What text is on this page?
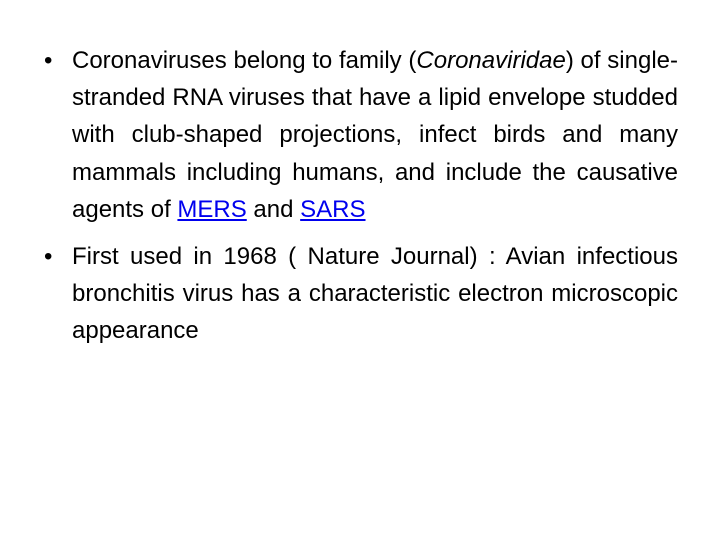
• Coronaviruses belong to family (Coronaviridae) of single-stranded RNA viruses that have a lipid envelope studded with club-shaped projections, infect birds and many mammals including humans, and include the causative agents of MERS and SARS
• First used in 1968 ( Nature Journal) : Avian infectious bronchitis virus has a characteristic electron microscopic appearance
